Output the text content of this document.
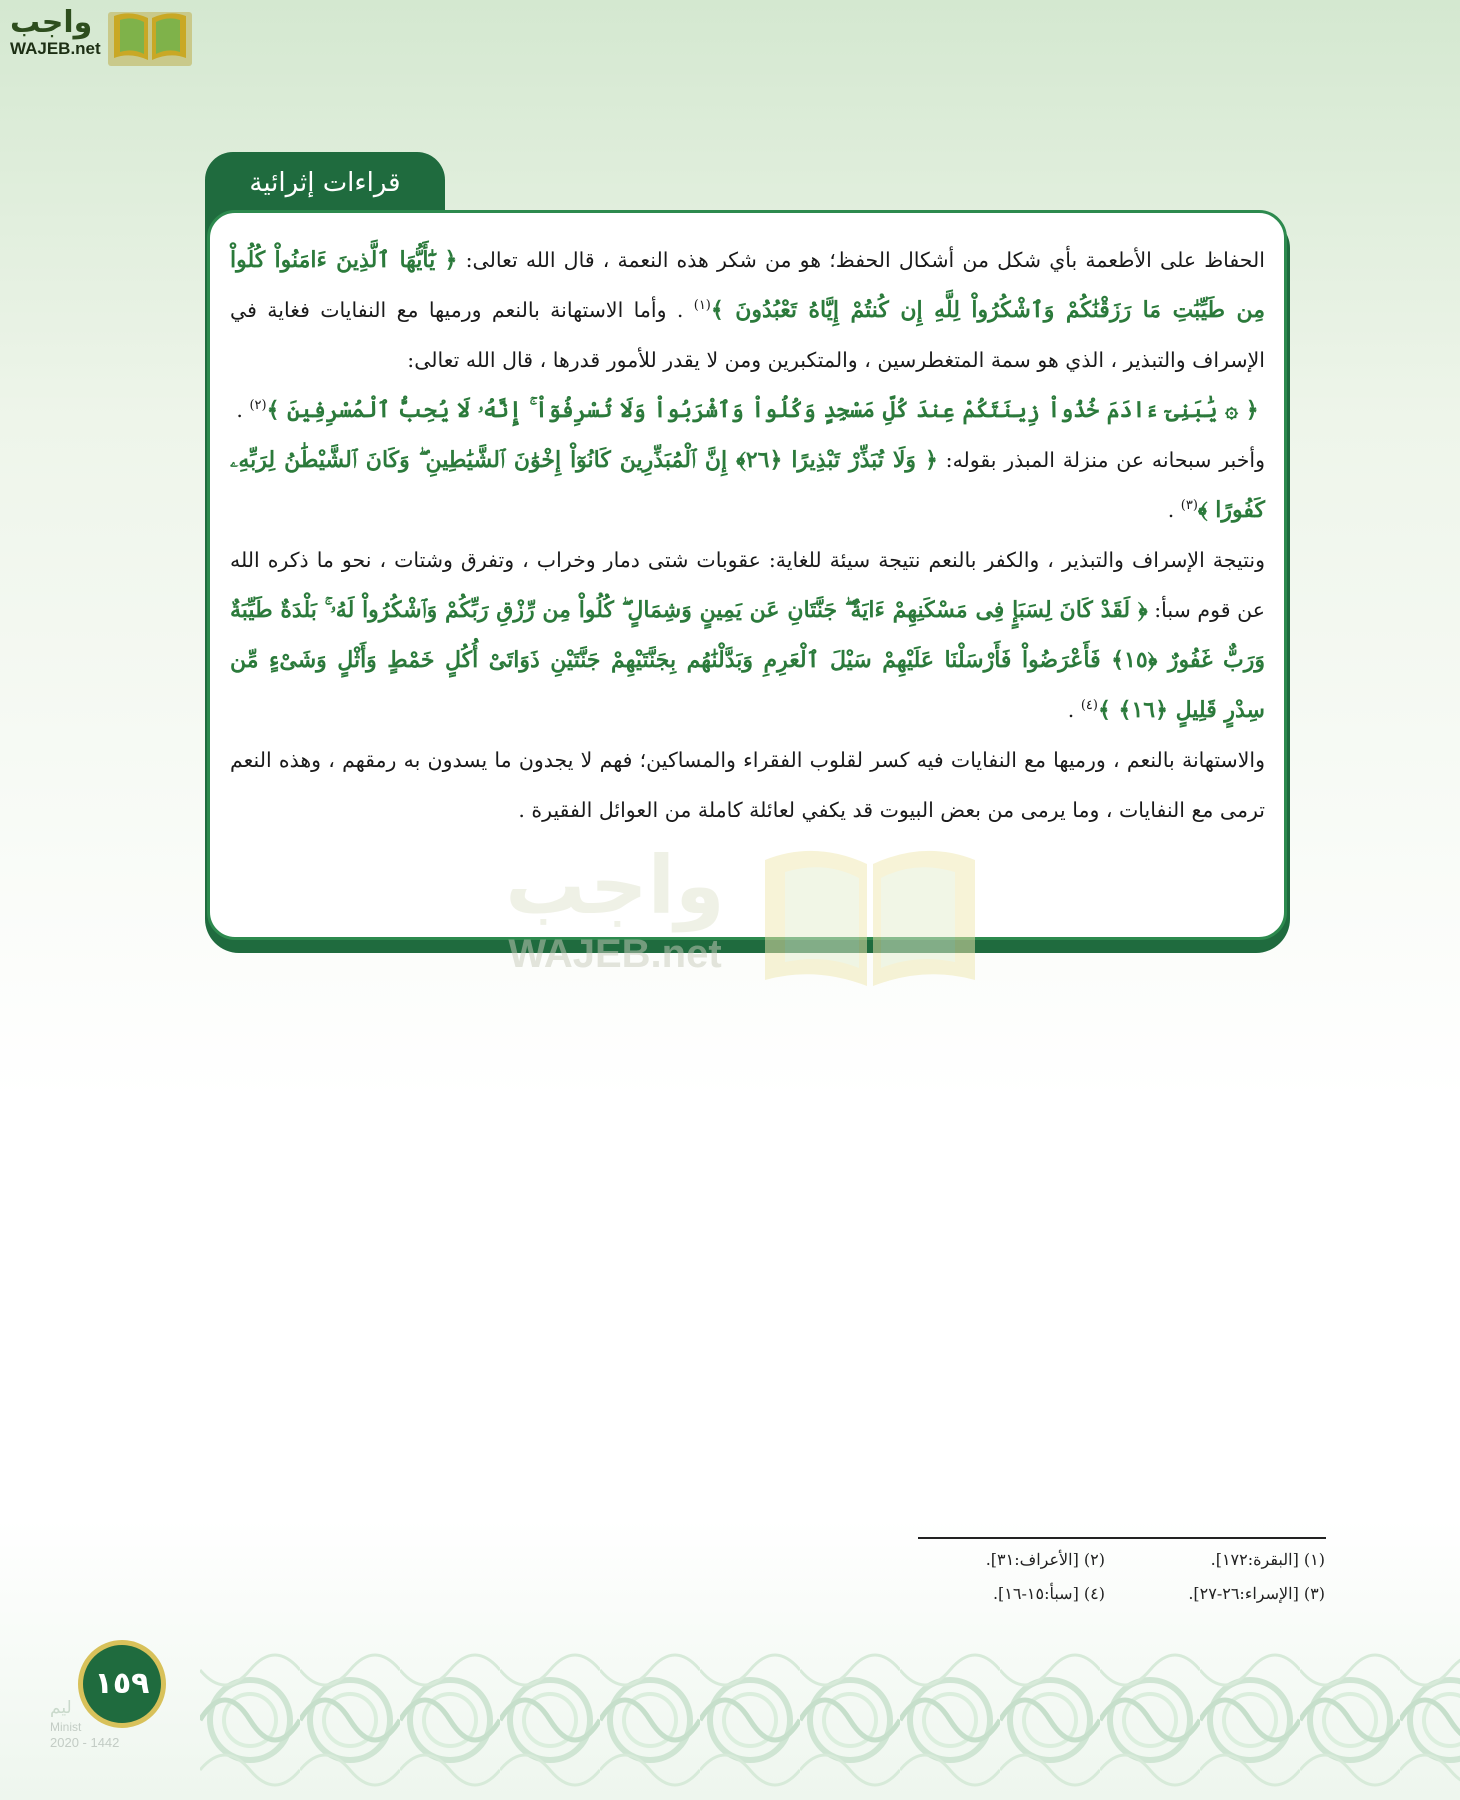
واجب
WAJEB.net
قراءات إثرائية

الحفاظ على الأطعمة بأي شكل من أشكال الحفظ؛ هو من شكر هذه النعمة ، قال الله تعالى: ﴿ يَٰٓأَيُّهَا ٱلَّذِينَ ءَامَنُواْ كُلُواْ مِن طَيِّبَٰتِ مَا رَزَقْنَٰكُمْ وَٱشْكُرُواْ لِلَّهِ إِن كُنتُمْ إِيَّاهُ تَعْبُدُونَ ﴾$^{(١)}$ . وأما الاستهانة بالنعم ورميها مع النفايات فغاية في الإسراف والتبذير ، الذي هو سمة المتغطرسين ، والمتكبرين ومن لا يقدر للأمور قدرها ، قال الله تعالى:

﴿ ۞ يَٰبَنِىٓ ءَادَمَ خُذُواْ زِينَتَكُمْ عِندَ كُلِّ مَسْجِدٍ وَكُلُواْ وَٱشْرَبُواْ وَلَا تُسْرِفُوٓاْ ۚ إِنَّهُۥ لَا يُحِبُّ ٱلْمُسْرِفِينَ ﴾$^{(٢)}$ .

وأخبر سبحانه عن منزلة المبذر بقوله: ﴿ وَلَا تُبَذِّرْ تَبْذِيرًا ﴿٢٦﴾ إِنَّ ٱلْمُبَذِّرِينَ كَانُوٓاْ إِخْوَٰنَ ٱلشَّيَٰطِينِ ۖ وَكَانَ ٱلشَّيْطَٰنُ لِرَبِّهِۦ كَفُورًا ﴾$^{(٣)}$ .

ونتيجة الإسراف والتبذير ، والكفر بالنعم نتيجة سيئة للغاية: عقوبات شتى دمار وخراب ، وتفرق وشتات ، نحو ما ذكره الله عن قوم سبأ: ﴿ لَقَدْ كَانَ لِسَبَإٍ فِى مَسْكَنِهِمْ ءَايَةٌ ۖ جَنَّتَانِ عَن يَمِينٍ وَشِمَالٍ ۖ كُلُواْ مِن رِّزْقِ رَبِّكُمْ وَٱشْكُرُواْ لَهُۥ ۚ بَلْدَةٌ طَيِّبَةٌ وَرَبٌّ غَفُورٌ ﴿١٥﴾ فَأَعْرَضُواْ فَأَرْسَلْنَا عَلَيْهِمْ سَيْلَ ٱلْعَرِمِ وَبَدَّلْنَٰهُم بِجَنَّتَيْهِمْ جَنَّتَيْنِ ذَوَاتَىْ أُكُلٍ خَمْطٍ وَأَثْلٍ وَشَىْءٍ مِّن سِدْرٍ قَلِيلٍ ﴿١٦﴾ ﴾$^{(٤)}$ .

والاستهانة بالنعم ، ورميها مع النفايات فيه كسر لقلوب الفقراء والمساكين؛ فهم لا يجدون ما يسدون به رمقهم ، وهذه النعم ترمى مع النفايات ، وما يرمى من بعض البيوت قد يكفي لعائلة كاملة من العوائل الفقيرة .

واجب
WAJEB.net
(١) [البقرة:١٧٢].
(٢) [الأعراف:٣١].
(٣) [الإسراء:٢٦-٢٧].
(٤) [سبأ:١٥-١٦].
ليم
Minist
2020 - 1442
١٥٩
